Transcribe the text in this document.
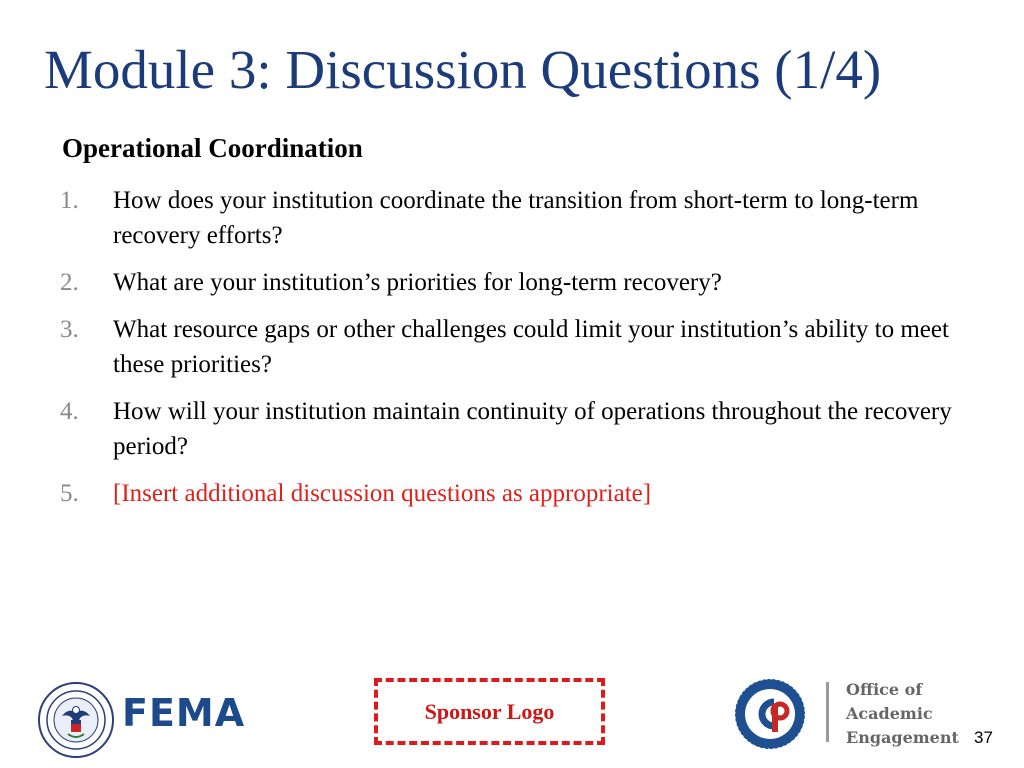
Module 3: Discussion Questions (1/4)
Operational Coordination
1. How does your institution coordinate the transition from short-term to long-term recovery efforts?
2. What are your institution’s priorities for long-term recovery?
3. What resource gaps or other challenges could limit your institution’s ability to meet these priorities?
4. How will your institution maintain continuity of operations throughout the recovery period?
5. [Insert additional discussion questions as appropriate]
FEMA	Sponsor Logo
Office of
Academic
Engagement 37
